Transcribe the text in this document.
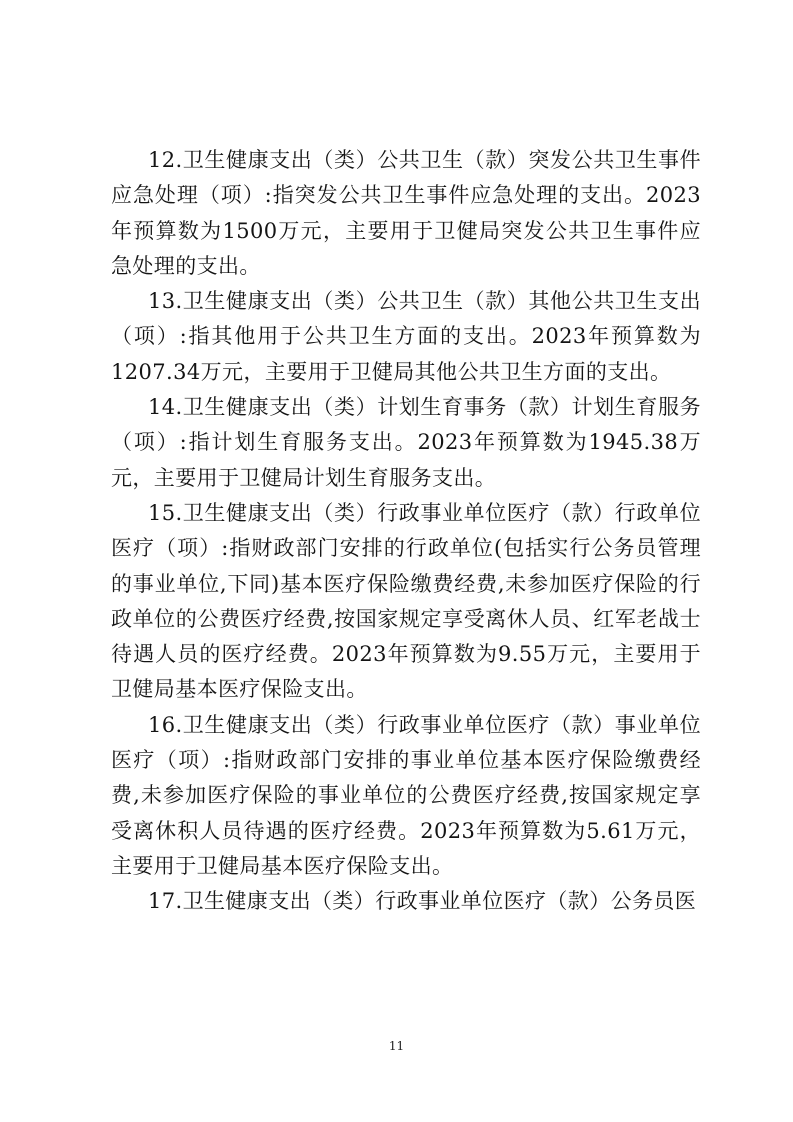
12.卫生健康支出（类）公共卫生（款）突发公共卫生事件应急处理（项）:指突发公共卫生事件应急处理的支出。2023年预算数为1500万元，主要用于卫健局突发公共卫生事件应急处理的支出。

13.卫生健康支出（类）公共卫生（款）其他公共卫生支出（项）:指其他用于公共卫生方面的支出。2023年预算数为1207.34万元，主要用于卫健局其他公共卫生方面的支出。

14.卫生健康支出（类）计划生育事务（款）计划生育服务（项）:指计划生育服务支出。2023年预算数为1945.38万元，主要用于卫健局计划生育服务支出。

15.卫生健康支出（类）行政事业单位医疗（款）行政单位医疗（项）:指财政部门安排的行政单位(包括实行公务员管理的事业单位,下同)基本医疗保险缴费经费,未参加医疗保险的行政单位的公费医疗经费,按国家规定享受离休人员、红军老战士待遇人员的医疗经费。2023年预算数为9.55万元，主要用于卫健局基本医疗保险支出。

16.卫生健康支出（类）行政事业单位医疗（款）事业单位医疗（项）:指财政部门安排的事业单位基本医疗保险缴费经费,未参加医疗保险的事业单位的公费医疗经费,按国家规定享受离休积人员待遇的医疗经费。2023年预算数为5.61万元，主要用于卫健局基本医疗保险支出。

17.卫生健康支出（类）行政事业单位医疗（款）公务员医

11
